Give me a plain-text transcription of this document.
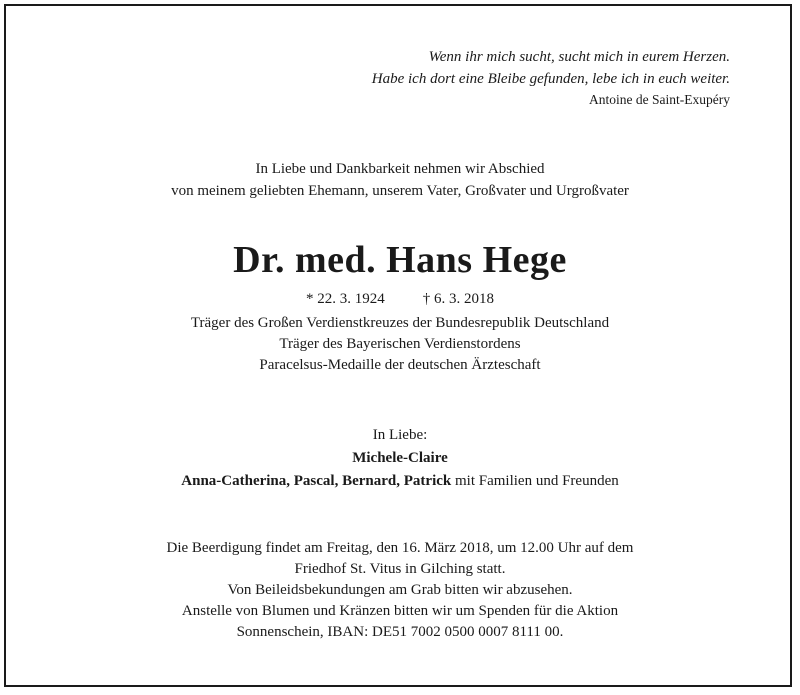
Wenn ihr mich sucht, sucht mich in eurem Herzen.
Habe ich dort eine Bleibe gefunden, lebe ich in euch weiter.
Antoine de Saint-Exupéry
In Liebe und Dankbarkeit nehmen wir Abschied
von meinem geliebten Ehemann, unserem Vater, Großvater und Urgroßvater
Dr. med. Hans Hege
* 22. 3. 1924	† 6. 3. 2018
Träger des Großen Verdienstkreuzes der Bundesrepublik Deutschland
Träger des Bayerischen Verdienstordens
Paracelsus-Medaille der deutschen Ärzteschaft
In Liebe:
Michele-Claire
Anna-Catherina, Pascal, Bernard, Patrick mit Familien und Freunden
Die Beerdigung findet am Freitag, den 16. März 2018, um 12.00 Uhr auf dem
Friedhof St. Vitus in Gilching statt.
Von Beileidsbekundungen am Grab bitten wir abzusehen.
Anstelle von Blumen und Kränzen bitten wir um Spenden für die Aktion
Sonnenschein, IBAN: DE51 7002 0500 0007 8111 00.
